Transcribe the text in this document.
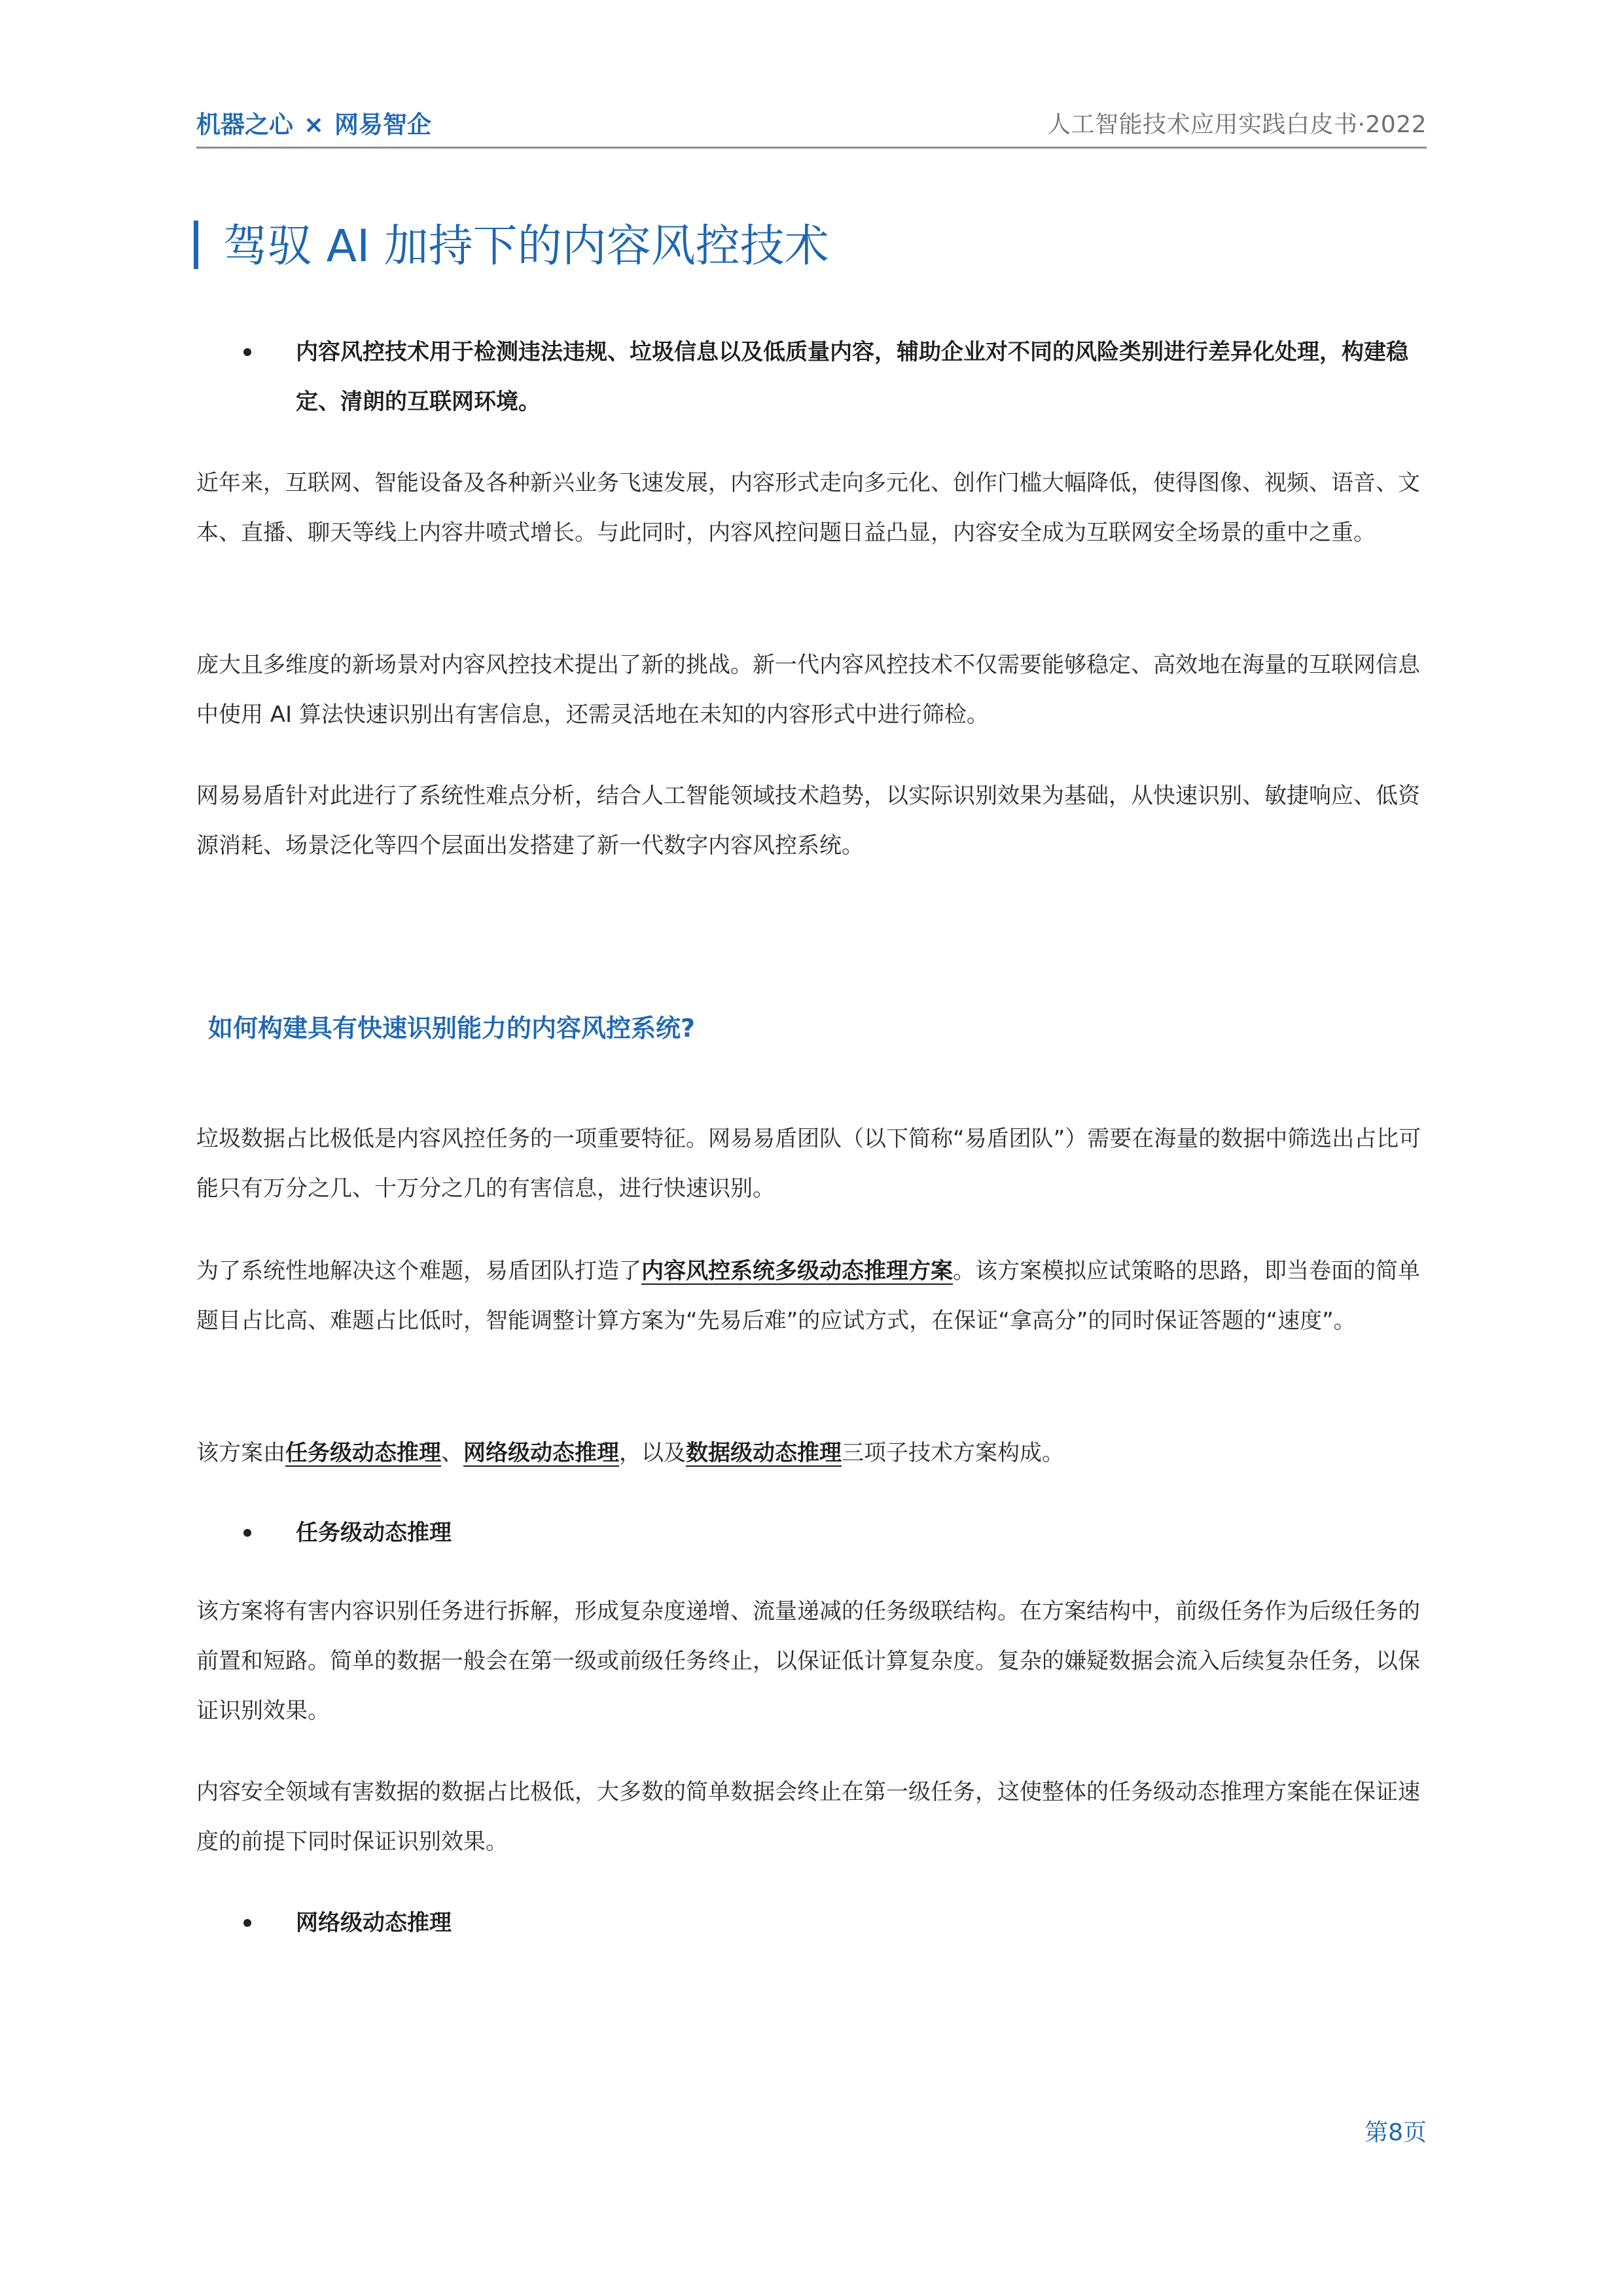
机器之心 × 网易智企	人工智能技术应用实践白皮书·2022
驾驭 AI 加持下的内容风控技术
内容风控技术用于检测违法违规、垃圾信息以及低质量内容，辅助企业对不同的风险类别进行差异化处理，构建稳定、清朗的互联网环境。
近年来，互联网、智能设备及各种新兴业务飞速发展，内容形式走向多元化、创作门槛大幅降低，使得图像、视频、语音、文本、直播、聊天等线上内容井喷式增长。与此同时，内容风控问题日益凸显，内容安全成为互联网安全场景的重中之重。
庞大且多维度的新场景对内容风控技术提出了新的挑战。新一代内容风控技术不仅需要能够稳定、高效地在海量的互联网信息中使用 AI 算法快速识别出有害信息，还需灵活地在未知的内容形式中进行筛检。
网易易盾针对此进行了系统性难点分析，结合人工智能领域技术趋势，以实际识别效果为基础，从快速识别、敏捷响应、低资源消耗、场景泛化等四个层面出发搭建了新一代数字内容风控系统。
如何构建具有快速识别能力的内容风控系统?
垃圾数据占比极低是内容风控任务的一项重要特征。网易易盾团队（以下简称“易盾团队”）需要在海量的数据中筛选出占比可能只有万分之几、十万分之几的有害信息，进行快速识别。
为了系统性地解决这个难题，易盾团队打造了内容风控系统多级动态推理方案。该方案模拟应试策略的思路，即当卷面的简单题目占比高、难题占比低时，智能调整计算方案为“先易后难”的应试方式，在保证“拿高分”的同时保证答题的“速度”。
该方案由任务级动态推理、网络级动态推理，以及数据级动态推理三项子技术方案构成。
任务级动态推理
该方案将有害内容识别任务进行拆解，形成复杂度递增、流量递减的任务级联结构。在方案结构中，前级任务作为后级任务的前置和短路。简单的数据一般会在第一级或前级任务终止，以保证低计算复杂度。复杂的嫌疑数据会流入后续复杂任务，以保证识别效果。
内容安全领域有害数据的数据占比极低，大多数的简单数据会终止在第一级任务，这使整体的任务级动态推理方案能在保证速度的前提下同时保证识别效果。
网络级动态推理
第8页
